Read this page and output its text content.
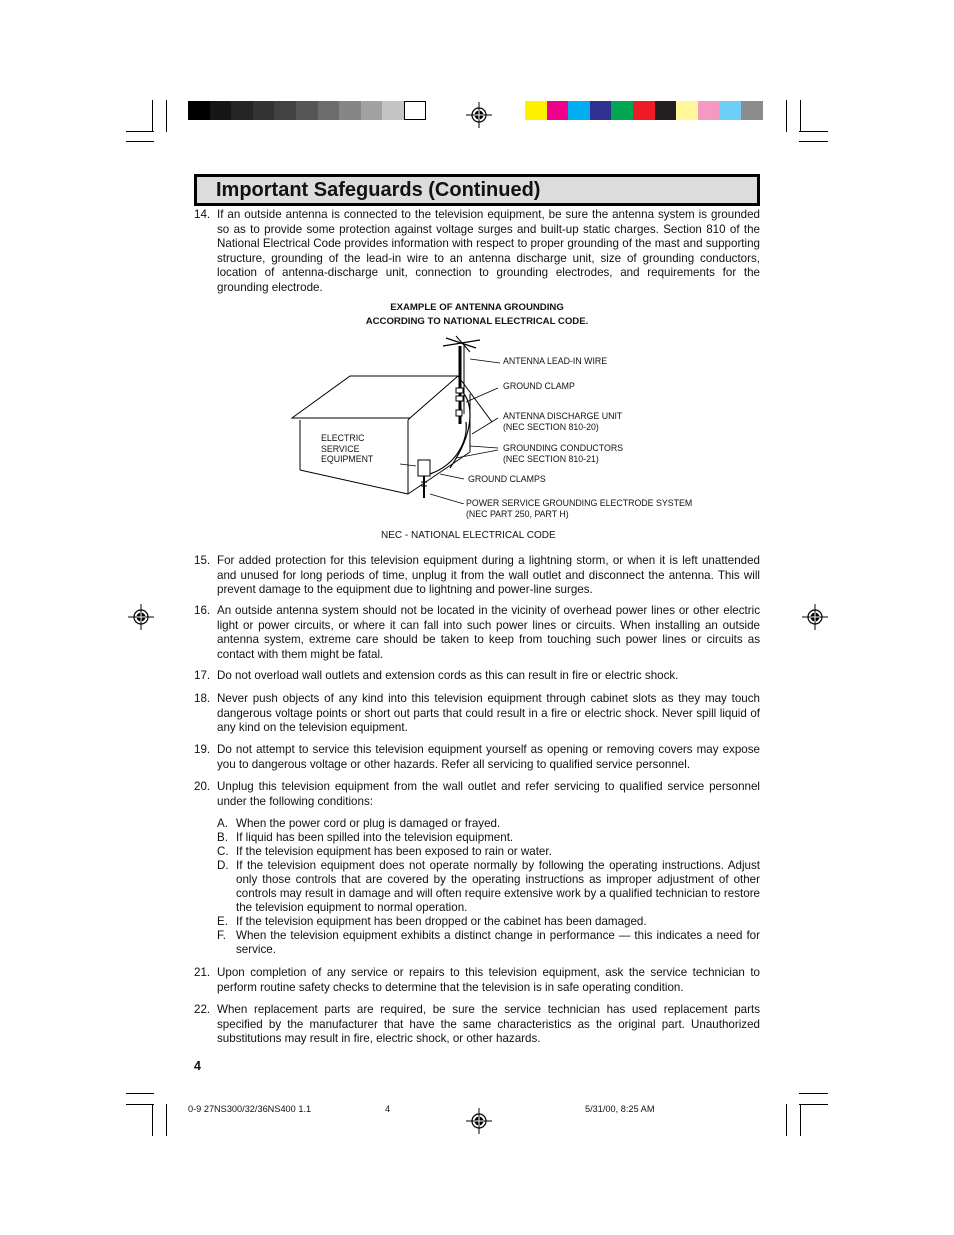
Important Safeguards (Continued)
14. If an outside antenna is connected to the television equipment, be sure the antenna system is grounded so as to provide some protection against voltage surges and built-up static charges. Section 810 of the National Electrical Code provides information with respect to proper grounding of the mast and supporting structure, grounding of the lead-in wire to an antenna discharge unit, size of grounding conductors, location of antenna-discharge unit, connection to grounding electrodes, and requirements for the grounding electrode.
EXAMPLE OF ANTENNA GROUNDING
ACCORDING TO NATIONAL ELECTRICAL CODE.
ANTENNA LEAD-IN WIRE
GROUND CLAMP
ANTENNA DISCHARGE UNIT
(NEC SECTION 810-20)
GROUNDING CONDUCTORS
(NEC SECTION 810-21)
GROUND CLAMPS
POWER SERVICE GROUNDING ELECTRODE SYSTEM
(NEC PART 250, PART H)
ELECTRIC
SERVICE
EQUIPMENT
NEC - NATIONAL ELECTRICAL CODE
15. For added protection for this television equipment during a lightning storm, or when it is left unattended and unused for long periods of time, unplug it from the wall outlet and disconnect the antenna. This will prevent damage to the equipment due to lightning and power-line surges.
16. An outside antenna system should not be located in the vicinity of overhead power lines or other electric light or power circuits, or where it can fall into such power lines or circuits. When installing an outside antenna system, extreme care should be taken to keep from touching such power lines or circuits as contact with them might be fatal.
17. Do not overload wall outlets and extension cords as this can result in fire or electric shock.
18. Never push objects of any kind into this television equipment through cabinet slots as they may touch dangerous voltage points or short out parts that could result in a fire or electric shock. Never spill liquid of any kind on the television equipment.
19. Do not attempt to service this television equipment yourself as opening or removing covers may expose you to dangerous voltage or other hazards. Refer all servicing to qualified service personnel.
20. Unplug this television equipment from the wall outlet and refer servicing to qualified service personnel under the following conditions:
A. When the power cord or plug is damaged or frayed.
B. If liquid has been spilled into the television equipment.
C. If the television equipment has been exposed to rain or water.
D. If the television equipment does not operate normally by following the operating instructions. Adjust only those controls that are covered by the operating instructions as improper adjustment of other controls may result in damage and will often require extensive work by a qualified technician to restore the television equipment to normal operation.
E. If the television equipment has been dropped or the cabinet has been damaged.
F. When the television equipment exhibits a distinct change in performance — this indicates a need for service.
21. Upon completion of any service or repairs to this television equipment, ask the service technician to perform routine safety checks to determine that the television is in safe operating condition.
22. When replacement parts are required, be sure the service technician has used replacement parts specified by the manufacturer that have the same characteristics as the original part. Unauthorized substitutions may result in fire, electric shock, or other hazards.
4
0-9 27NS300/32/36NS400 1.1	4	5/31/00, 8:25 AM
